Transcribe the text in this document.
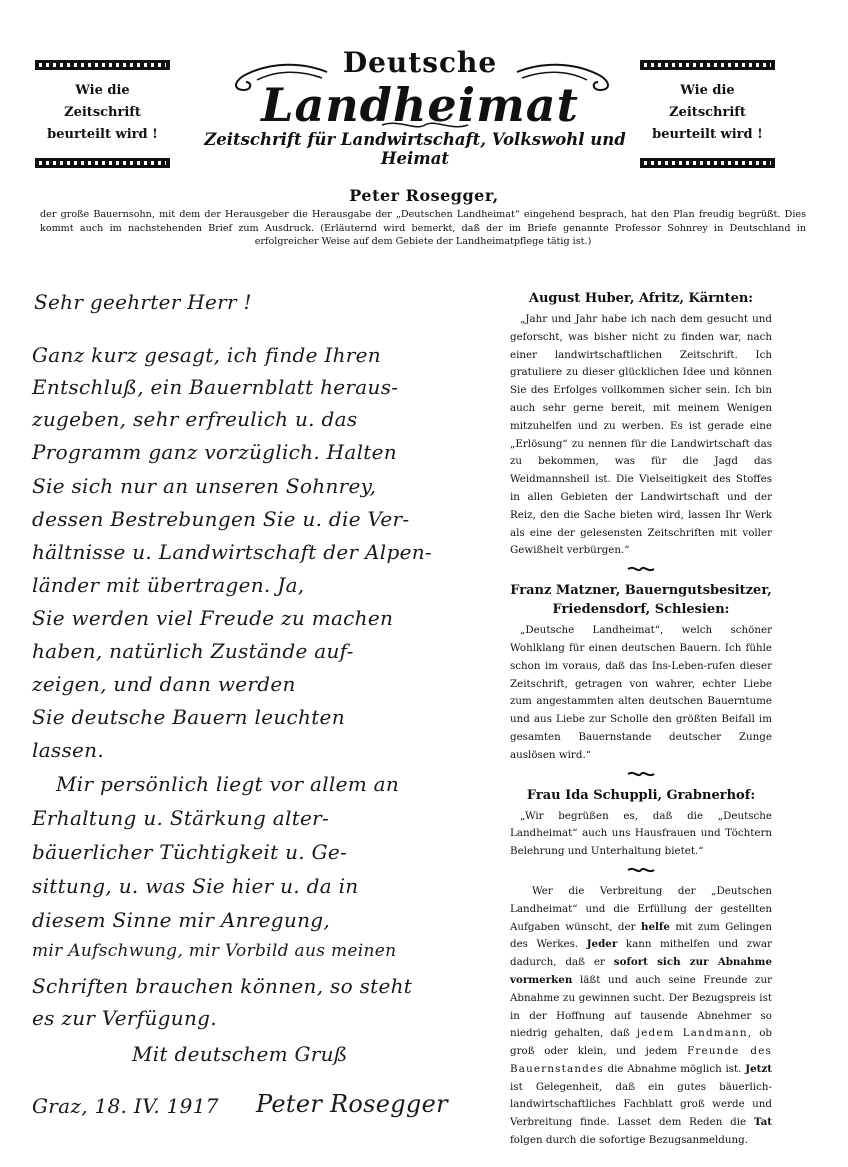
Wie die Zeitschrift beurteilt wird !
Wie die Zeitschrift beurteilt wird !
Deutsche
Landheimat
Zeitschrift für Landwirtschaft, Volkswohl und Heimat
Peter Rosegger,
der große Bauernsohn, mit dem der Herausgeber die Herausgabe der „Deutschen Landheimat“ eingehend besprach, hat den Plan freudig begrüßt. Dies kommt auch im nachstehenden Brief zum Ausdruck. (Erläuternd wird bemerkt, daß der im Briefe genannte Professor Sohnrey in Deutschland in erfolgreicher Weise auf dem Gebiete der Landheimatpflege tätig ist.)
Sehr geehrter Herr !
Ganz kurz gesagt, ich finde Ihren
Entschluß, ein Bauernblatt heraus-
zugeben, sehr erfreulich u. das
Programm ganz vorzüglich. Halten
Sie sich nur an unseren Sohnrey,
dessen Bestrebungen Sie u. die Ver-
hältnisse u. Landwirtschaft der Alpen-
länder mit übertragen. Ja,
Sie werden viel Freude zu machen
haben, natürlich Zustände auf-
zeigen, und dann werden
Sie deutsche Bauern leuchten
lassen.
Mir persönlich liegt vor allem an
Erhaltung u. Stärkung alter-
bäuerlicher Tüchtigkeit u. Ge-
sittung, u. was Sie hier u. da in
diesem Sinne mir Anregung,
mir Aufschwung, mir Vorbild aus meinen
Schriften brauchen können, so steht
es zur Verfügung.
Mit deutschem Gruß
Graz, 18. IV. 1917 Peter Rosegger
August Huber, Afritz, Kärnten:
„Jahr und Jahr habe ich nach dem gesucht und geforscht, was bisher nicht zu finden war, nach einer landwirtschaftlichen Zeitschrift. Ich gratuliere zu dieser glücklichen Idee und können Sie des Erfolges vollkommen sicher sein. Ich bin auch sehr gerne bereit, mit meinem Wenigen mitzuhelfen und zu werben. Es ist gerade eine „Erlösung“ zu nennen für die Landwirtschaft das zu bekommen, was für die Jagd das Weidmannsheil ist. Die Vielseitigkeit des Stoffes in allen Gebieten der Landwirtschaft und der Reiz, den die Sache bieten wird, lassen Ihr Werk als eine der gelesensten Zeitschriften mit voller Gewißheit verbürgen.“
Franz Matzner, Bauerngutsbesitzer,
Friedensdorf, Schlesien:
„Deutsche Landheimat“, welch schöner Wohlklang für einen deutschen Bauern. Ich fühle schon im voraus, daß das Ins-Leben-rufen dieser Zeitschrift, getragen von wahrer, echter Liebe zum angestammten alten deutschen Bauerntume und aus Liebe zur Scholle den größten Beifall im gesamten Bauernstande deutscher Zunge auslösen wird.“
Frau Ida Schuppli, Grabnerhof:
„Wir begrüßen es, daß die „Deutsche Landheimat“ auch uns Hausfrauen und Töchtern Belehrung und Unterhaltung bietet.“
Wer die Verbreitung der „Deutschen Landheimat“ und die Erfüllung der gestellten Aufgaben wünscht, der helfe mit zum Gelingen des Werkes. Jeder kann mithelfen und zwar dadurch, daß er sofort sich zur Abnahme vormerken läßt und auch seine Freunde zur Abnahme zu gewinnen sucht. Der Bezugspreis ist in der Hoffnung auf tausende Abnehmer so niedrig gehalten, daß jedem Landmann, ob groß oder klein, und jedem Freunde des Bauernstandes die Abnahme möglich ist. Jetzt ist Gelegenheit, daß ein gutes bäuerlich-landwirtschaftliches Fachblatt groß werde und Verbreitung finde. Lasset dem Reden die Tat folgen durch die sofortige Bezugsanmeldung.
